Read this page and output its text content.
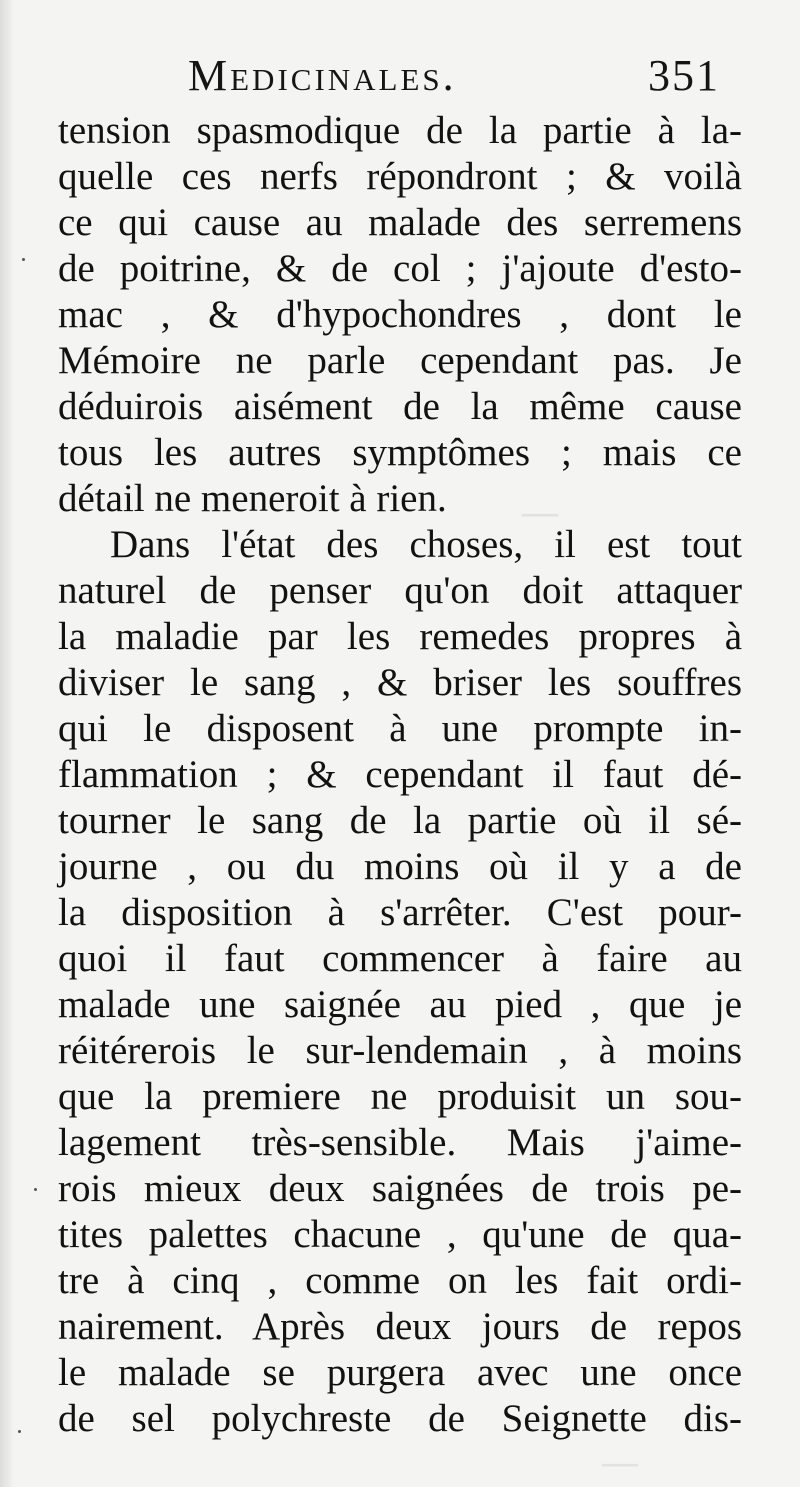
—
—
Medicinales.	351
tension spasmodique de la partie à la-
quelle ces nerfs répondront ; & voilà
ce qui cause au malade des serremens
de poitrine, & de col ; j'ajoute d'esto-
mac , & d'hypochondres , dont le
Mémoire ne parle cependant pas. Je
déduirois aisément de la même cause
tous les autres symptômes ; mais ce
détail ne meneroit à rien.
Dans l'état des choses, il est tout
naturel de penser qu'on doit attaquer
la maladie par les remedes propres à
diviser le sang , & briser les souffres
qui le disposent à une prompte in-
flammation ; & cependant il faut dé-
tourner le sang de la partie où il sé-
journe , ou du moins où il y a de
la disposition à s'arrêter. C'est pour-
quoi il faut commencer à faire au
malade une saignée au pied , que je
réitérerois le sur-lendemain , à moins
que la premiere ne produisit un sou-
lagement très-sensible. Mais j'aime-
rois mieux deux saignées de trois pe-
tites palettes chacune , qu'une de qua-
tre à cinq , comme on les fait ordi-
nairement. Après deux jours de repos
le malade se purgera avec une once
de sel polychreste de Seignette dis-
